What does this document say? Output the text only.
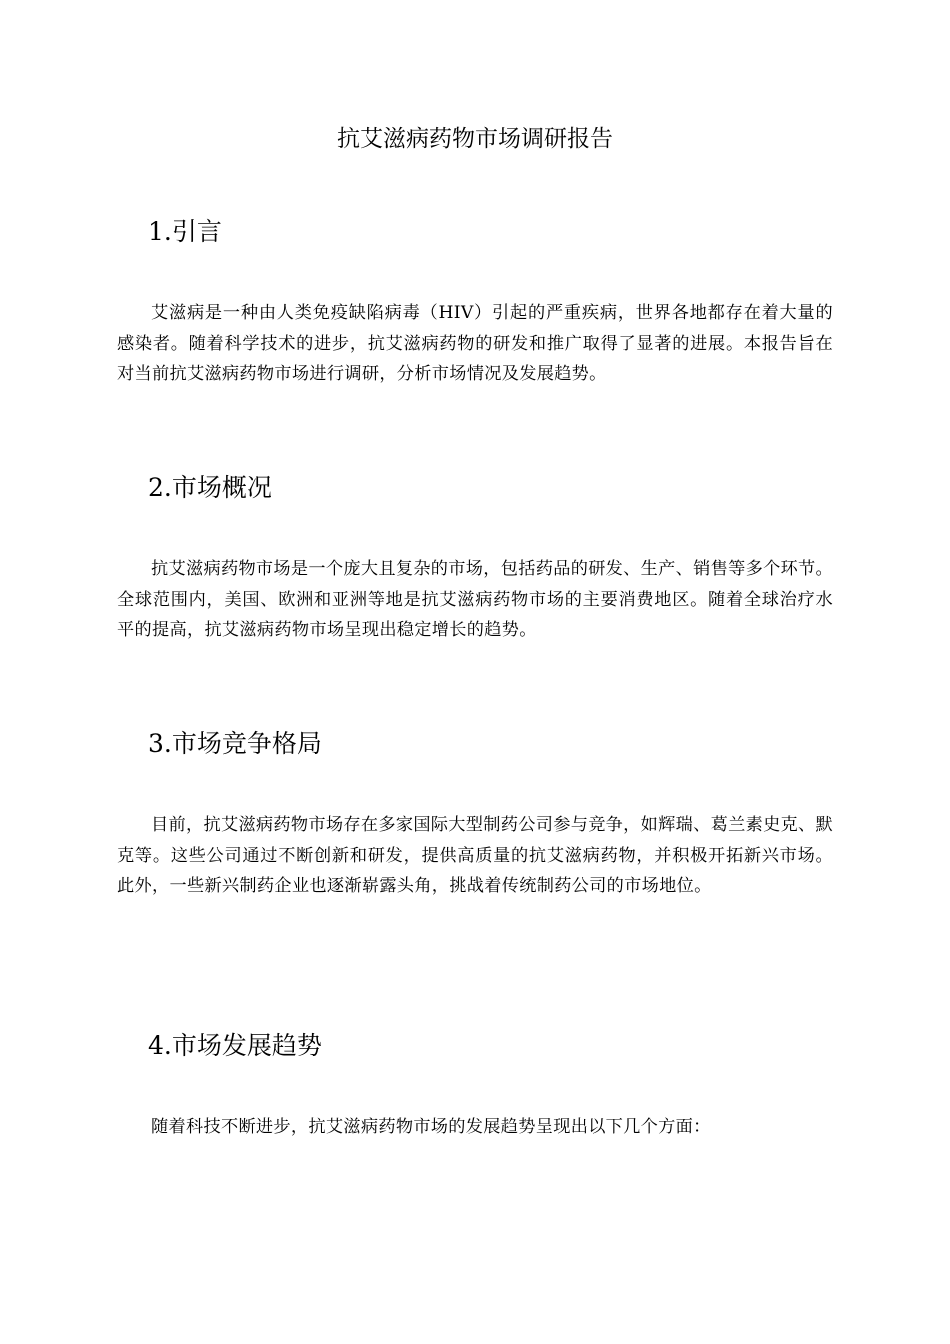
抗艾滋病药物市场调研报告
1.引言

艾滋病是一种由人类免疫缺陷病毒（HIV）引起的严重疾病，世界各地都存在着大量的感染者。随着科学技术的进步，抗艾滋病药物的研发和推广取得了显著的进展。本报告旨在对当前抗艾滋病药物市场进行调研，分析市场情况及发展趋势。

2.市场概况

抗艾滋病药物市场是一个庞大且复杂的市场，包括药品的研发、生产、销售等多个环节。全球范围内，美国、欧洲和亚洲等地是抗艾滋病药物市场的主要消费地区。随着全球治疗水平的提高，抗艾滋病药物市场呈现出稳定增长的趋势。

3.市场竞争格局

目前，抗艾滋病药物市场存在多家国际大型制药公司参与竞争，如辉瑞、葛兰素史克、默克等。这些公司通过不断创新和研发，提供高质量的抗艾滋病药物，并积极开拓新兴市场。此外，一些新兴制药企业也逐渐崭露头角，挑战着传统制药公司的市场地位。

4.市场发展趋势

随着科技不断进步，抗艾滋病药物市场的发展趋势呈现出以下几个方面：
